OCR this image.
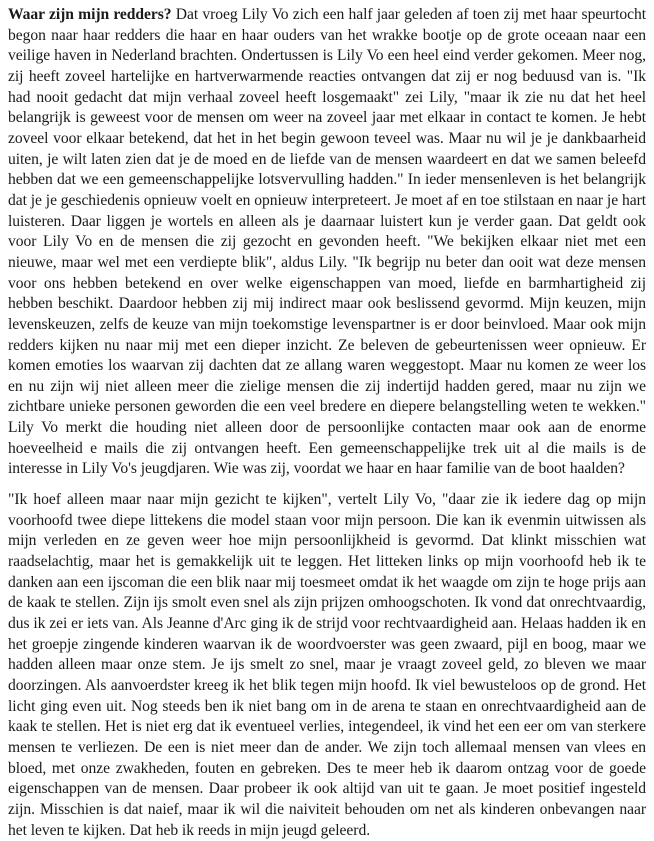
Waar zijn mijn redders? Dat vroeg Lily Vo zich een half jaar geleden af toen zij met haar speurtocht begon naar haar redders die haar en haar ouders van het wrakke bootje op de grote oceaan naar een veilige haven in Nederland brachten. Ondertussen is Lily Vo een heel eind verder gekomen. Meer nog, zij heeft zoveel hartelijke en hartverwarmende reacties ontvangen dat zij er nog beduusd van is. "Ik had nooit gedacht dat mijn verhaal zoveel heeft losgemaakt" zei Lily, "maar ik zie nu dat het heel belangrijk is geweest voor de mensen om weer na zoveel jaar met elkaar in contact te komen. Je hebt zoveel voor elkaar betekend, dat het in het begin gewoon teveel was. Maar nu wil je je dankbaarheid uiten, je wilt laten zien dat je de moed en de liefde van de mensen waardeert en dat we samen beleefd hebben dat we een gemeenschappelijke lotsvervulling hadden." In ieder mensenleven is het belangrijk dat je je geschiedenis opnieuw voelt en opnieuw interpreteert. Je moet af en toe stilstaan en naar je hart luisteren. Daar liggen je wortels en alleen als je daarnaar luistert kun je verder gaan. Dat geldt ook voor Lily Vo en de mensen die zij gezocht en gevonden heeft. "We bekijken elkaar niet met een nieuwe, maar wel met een verdiepte blik", aldus Lily. "Ik begrijp nu beter dan ooit wat deze mensen voor ons hebben betekend en over welke eigenschappen van moed, liefde en barmhartigheid zij hebben beschikt. Daardoor hebben zij mij indirect maar ook beslissend gevormd. Mijn keuzen, mijn levenskeuzen, zelfs de keuze van mijn toekomstige levenspartner is er door beinvloed. Maar ook mijn redders kijken nu naar mij met een dieper inzicht. Ze beleven de gebeurtenissen weer opnieuw. Er komen emoties los waarvan zij dachten dat ze allang waren weggestopt. Maar nu komen ze weer los en nu zijn wij niet alleen meer die zielige mensen die zij indertijd hadden gered, maar nu zijn we zichtbare unieke personen geworden die een veel bredere en diepere belangstelling weten te wekken." Lily Vo merkt die houding niet alleen door de persoonlijke contacten maar ook aan de enorme hoeveelheid e mails die zij ontvangen heeft. Een gemeenschappelijke trek uit al die mails is de interesse in Lily Vo's jeugdjaren. Wie was zij, voordat we haar en haar familie van de boot haalden?

"Ik hoef alleen maar naar mijn gezicht te kijken", vertelt Lily Vo, "daar zie ik iedere dag op mijn voorhoofd twee diepe littekens die model staan voor mijn persoon. Die kan ik evenmin uitwissen als mijn verleden en ze geven weer hoe mijn persoonlijkheid is gevormd. Dat klinkt misschien wat raadselachtig, maar het is gemakkelijk uit te leggen. Het litteken links op mijn voorhoofd heb ik te danken aan een ijscoman die een blik naar mij toesmeet omdat ik het waagde om zijn te hoge prijs aan de kaak te stellen. Zijn ijs smolt even snel als zijn prijzen omhoogschoten. Ik vond dat onrechtvaardig, dus ik zei er iets van. Als Jeanne d'Arc ging ik de strijd voor rechtvaardigheid aan. Helaas hadden ik en het groepje zingende kinderen waarvan ik de woordvoerster was geen zwaard, pijl en boog, maar we hadden alleen maar onze stem. Je ijs smelt zo snel, maar je vraagt zoveel geld, zo bleven we maar doorzingen. Als aanvoerdster kreeg ik het blik tegen mijn hoofd. Ik viel bewusteloos op de grond. Het licht ging even uit. Nog steeds ben ik niet bang om in de arena te staan en onrechtvaardigheid aan de kaak te stellen. Het is niet erg dat ik eventueel verlies, integendeel, ik vind het een eer om van sterkere mensen te verliezen. De een is niet meer dan de ander. We zijn toch allemaal mensen van vlees en bloed, met onze zwakheden, fouten en gebreken. Des te meer heb ik daarom ontzag voor de goede eigenschappen van de mensen. Daar probeer ik ook altijd van uit te gaan. Je moet positief ingesteld zijn. Misschien is dat naief, maar ik wil die naiviteit behouden om net als kinderen onbevangen naar het leven te kijken. Dat heb ik reeds in mijn jeugd geleerd.
